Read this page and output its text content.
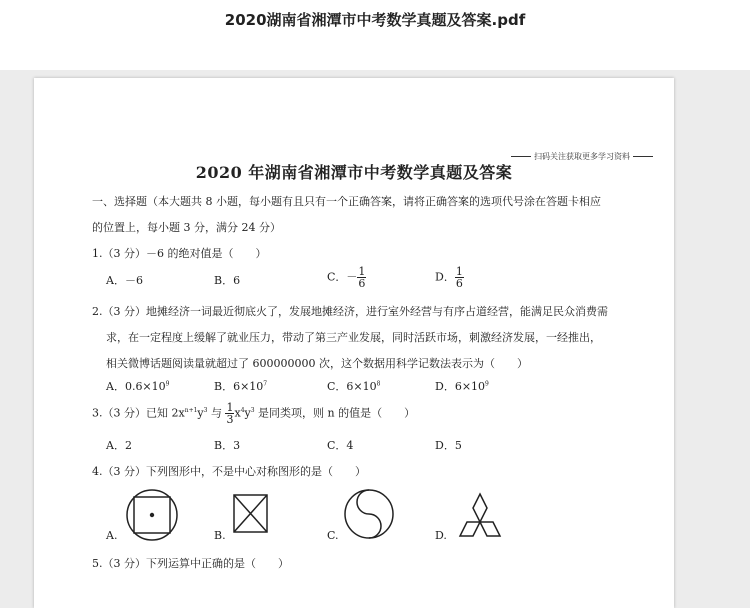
2020湖南省湘潭市中考数学真题及答案.pdf
扫码关注获取更多学习资料
2020 年湖南省湘潭市中考数学真题及答案
一、选择题（本大题共 8 小题，每小题有且只有一个正确答案，请将正确答案的选项代号涂在答题卡相应
的位置上，每小题 3 分，满分 24 分）
1.（3 分）－6 的绝对值是（　　）
A．－6	B．6	C．－ $\frac{1}{6}$	D． $\frac{1}{6}$
2.（3 分）地摊经济一词最近彻底火了，发展地摊经济，进行室外经营与有序占道经营，能满足民众消费需
求，在一定程度上缓解了就业压力，带动了第三产业发展，同时活跃市场，刺激经济发展，一经推出，
相关微博话题阅读量就超过了 600000000 次，这个数据用科学记数法表示为（　　）
A．$0.6\times 10^9$	B．$6\times 10^7$	C．$6\times 10^8$	D．$6\times 10^9$
3.（3 分）已知 $2x^{n+1}y^3$ 与 $\frac{1}{3} x^4y^3$ 是同类项，则 n 的值是（　　）
A．2	B．3	C．4	D．5
4.（3 分）下列图形中，不是中心对称图形的是（　　）
A.	B.	C.	D.
5.（3 分）下列运算中正确的是（　　）
